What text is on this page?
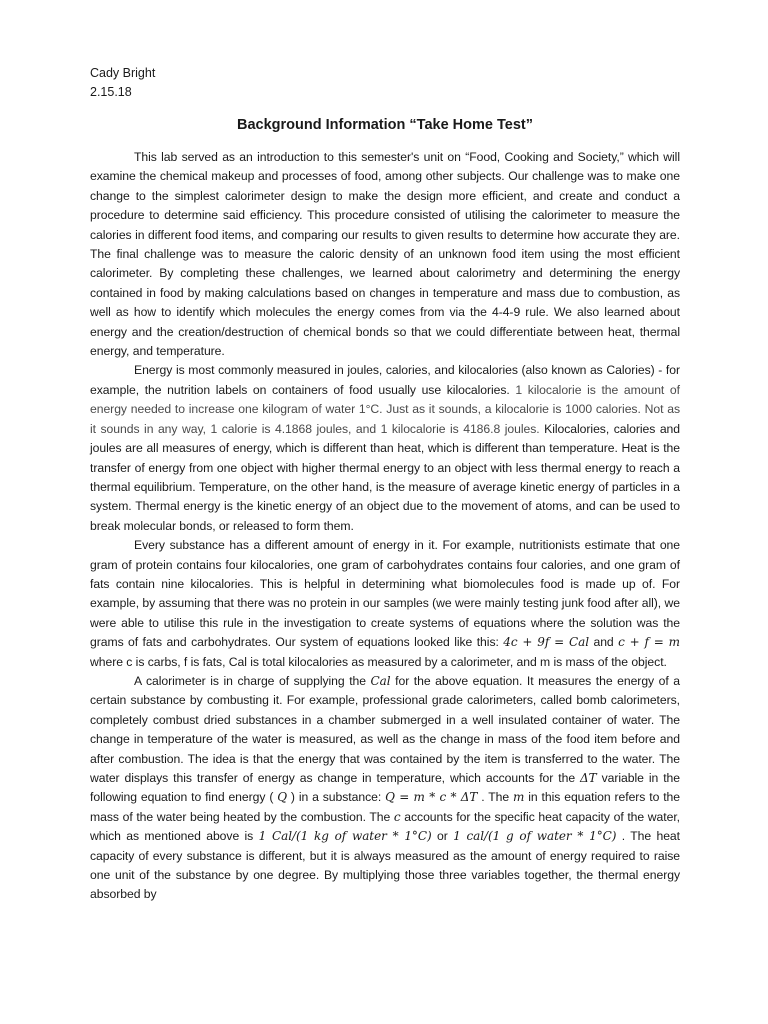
Cady Bright

2.15.18

Background Information “Take Home Test”

This lab served as an introduction to this semester's unit on “Food, Cooking and Society,” which will examine the chemical makeup and processes of food, among other subjects. Our challenge was to make one change to the simplest calorimeter design to make the design more efficient, and create and conduct a procedure to determine said efficiency. This procedure consisted of utilising the calorimeter to measure the calories in different food items, and comparing our results to given results to determine how accurate they are. The final challenge was to measure the caloric density of an unknown food item using the most efficient calorimeter. By completing these challenges, we learned about calorimetry and determining the energy contained in food by making calculations based on changes in temperature and mass due to combustion, as well as how to identify which molecules the energy comes from via the 4-4-9 rule. We also learned about energy and the creation/destruction of chemical bonds so that we could differentiate between heat, thermal energy, and temperature.

Energy is most commonly measured in joules, calories, and kilocalories (also known as Calories) - for example, the nutrition labels on containers of food usually use kilocalories. 1 kilocalorie is the amount of energy needed to increase one kilogram of water 1°C. Just as it sounds, a kilocalorie is 1000 calories. Not as it sounds in any way, 1 calorie is 4.1868 joules, and 1 kilocalorie is 4186.8 joules. Kilocalories, calories and joules are all measures of energy, which is different than heat, which is different than temperature. Heat is the transfer of energy from one object with higher thermal energy to an object with less thermal energy to reach a thermal equilibrium. Temperature, on the other hand, is the measure of average kinetic energy of particles in a system. Thermal energy is the kinetic energy of an object due to the movement of atoms, and can be used to break molecular bonds, or released to form them.

Every substance has a different amount of energy in it. For example, nutritionists estimate that one gram of protein contains four kilocalories, one gram of carbohydrates contains four calories, and one gram of fats contain nine kilocalories. This is helpful in determining what biomolecules food is made up of. For example, by assuming that there was no protein in our samples (we were mainly testing junk food after all), we were able to utilise this rule in the investigation to create systems of equations where the solution was the grams of fats and carbohydrates. Our system of equations looked like this: 4c + 9f = Cal and c + f = m where c is carbs, f is fats, Cal is total kilocalories as measured by a calorimeter, and m is mass of the object.

A calorimeter is in charge of supplying the Cal for the above equation. It measures the energy of a certain substance by combusting it. For example, professional grade calorimeters, called bomb calorimeters, completely combust dried substances in a chamber submerged in a well insulated container of water. The change in temperature of the water is measured, as well as the change in mass of the food item before and after combustion. The idea is that the energy that was contained by the item is transferred to the water. The water displays this transfer of energy as change in temperature, which accounts for the ΔT variable in the following equation to find energy ( Q ) in a substance: Q = m * c * ΔT . The m in this equation refers to the mass of the water being heated by the combustion. The c accounts for the specific heat capacity of the water, which as mentioned above is 1 Cal/(1 kg of water * 1°C) or 1 cal/(1 g of water * 1°C) . The heat capacity of every substance is different, but it is always measured as the amount of energy required to raise one unit of the substance by one degree. By multiplying those three variables together, the thermal energy absorbed by
